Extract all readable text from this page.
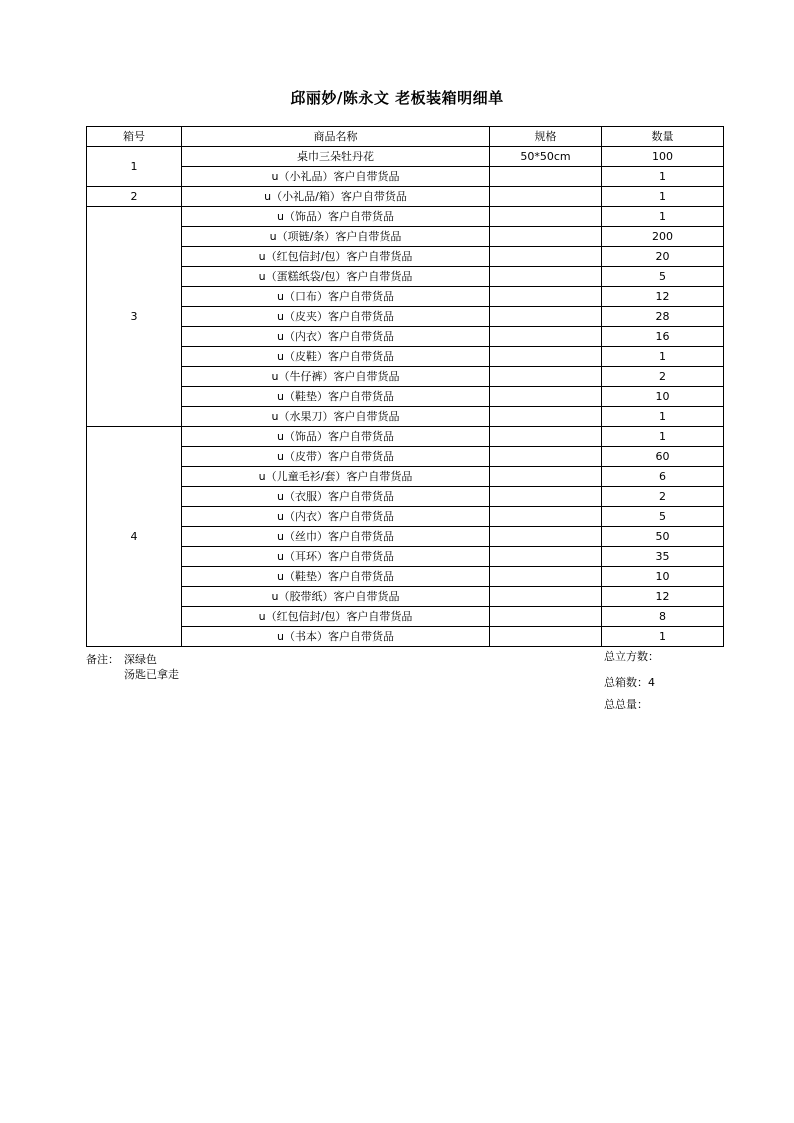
邱丽妙/陈永文 老板装箱明细单
箱号	商品名称	规格	数量
1	桌巾三朵牡丹花	50*50cm	100
	u（小礼品）客户自带货品		1
2	u（小礼品/箱）客户自带货品		1
3	u（饰品）客户自带货品		1
	u（项链/条）客户自带货品		200
	u（红包信封/包）客户自带货品		20
	u（蛋糕纸袋/包）客户自带货品		5
	u（口布）客户自带货品		12
	u（皮夹）客户自带货品		28
	u（内衣）客户自带货品		16
	u（皮鞋）客户自带货品		1
	u（牛仔裤）客户自带货品		2
	u（鞋垫）客户自带货品		10
	u（水果刀）客户自带货品		1
4	u（饰品）客户自带货品		1
	u（皮带）客户自带货品		60
	u（儿童毛衫/套）客户自带货品		6
	u（衣服）客户自带货品		2
	u（内衣）客户自带货品		5
	u（丝巾）客户自带货品		50
	u（耳环）客户自带货品		35
	u（鞋垫）客户自带货品		10
	u（胶带纸）客户自带货品		12
	u（红包信封/包）客户自带货品		8
	u（书本）客户自带货品		1
备注： 深绿色
汤匙已拿走
总立方数：
总箱数：4
总总量：
